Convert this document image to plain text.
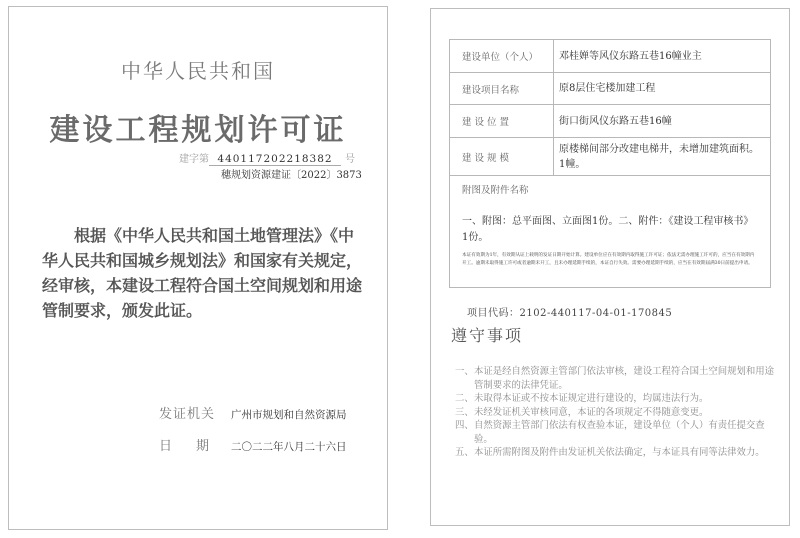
中华人民共和国
建设工程规划许可证
建字第 440117202218382 号
穗规划资源建证〔2022〕3873
根据《中华人民共和国土地管理法》《中华人民共和国城乡规划法》和国家有关规定，经审核，本建设工程符合国土空间规划和用途管制要求，颁发此证。
发证机关 广州市规划和自然资源局
日期二〇二二年八月二十六日
建设单位（个人）	邓桂婵等风仪东路五巷16幢业主
建设项目名称	原8层住宅楼加建工程
建 设 位 置	街口街风仪东路五巷16幢
建 设 规 模	原楼梯间部分改建电梯井，未增加建筑面积。1幢。

附图及附件名称
一、附图：总平面图、立面图1份。二、附件：《建设工程审核书》1份。
本证有效期为1年，有效期从证上载明的发证日期开始计算。建设单位应在有效期内取得施工许可证；依法无需办理施工许可的，应当在有效期内开工。逾期未取得施工许可或者逾期未开工，且未办理延期手续的，本证自行失效。需要办理延期手续的，应当在有效期届满30日前提出申请。	
项目代码：2102-440117-04-01-170845
遵守事项
一、本证是经自然资源主管部门依法审核，建设工程符合国土空间规划和用途管制要求的法律凭证。
二、未取得本证或不按本证规定进行建设的，均属违法行为。
三、未经发证机关审核同意，本证的各项规定不得随意变更。
四、自然资源主管部门依法有权查验本证，建设单位（个人）有责任提交查验。
五、本证所需附图及附件由发证机关依法确定，与本证具有同等法律效力。
